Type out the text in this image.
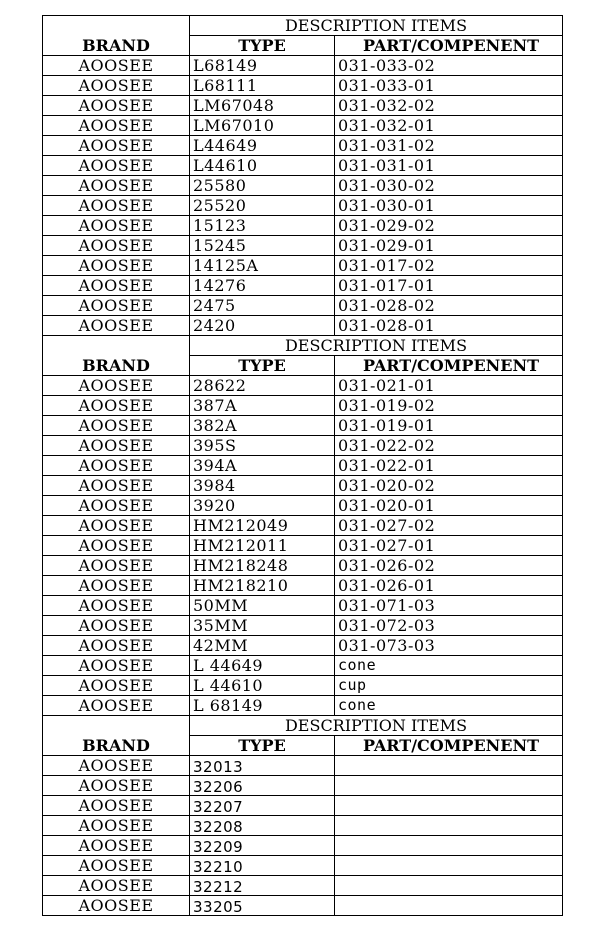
BRAND	DESCRIPTION ITEMS	
	TYPE	PART/COMPENENT
AOOSEE	L68149	031-033-02
AOOSEE	L68111	031-033-01
AOOSEE	LM67048	031-032-02
AOOSEE	LM67010	031-032-01
AOOSEE	L44649	031-031-02
AOOSEE	L44610	031-031-01
AOOSEE	25580	031-030-02
AOOSEE	25520	031-030-01
AOOSEE	15123	031-029-02
AOOSEE	15245	031-029-01
AOOSEE	14125A	031-017-02
AOOSEE	14276	031-017-01
AOOSEE	2475	031-028-02
AOOSEE	2420	031-028-01
BRAND	DESCRIPTION ITEMS	
	TYPE	PART/COMPENENT
AOOSEE	28622	031-021-01
AOOSEE	387A	031-019-02
AOOSEE	382A	031-019-01
AOOSEE	395S	031-022-02
AOOSEE	394A	031-022-01
AOOSEE	3984	031-020-02
AOOSEE	3920	031-020-01
AOOSEE	HM212049	031-027-02
AOOSEE	HM212011	031-027-01
AOOSEE	HM218248	031-026-02
AOOSEE	HM218210	031-026-01
AOOSEE	50MM	031-071-03
AOOSEE	35MM	031-072-03
AOOSEE	42MM	031-073-03
AOOSEE	L 44649	cone
AOOSEE	L 44610	cup
AOOSEE	L 68149	cone
BRAND	DESCRIPTION ITEMS	
	TYPE	PART/COMPENENT
AOOSEE	32013	
AOOSEE	32206	
AOOSEE	32207	
AOOSEE	32208	
AOOSEE	32209	
AOOSEE	32210	
AOOSEE	32212	
AOOSEE	33205	
